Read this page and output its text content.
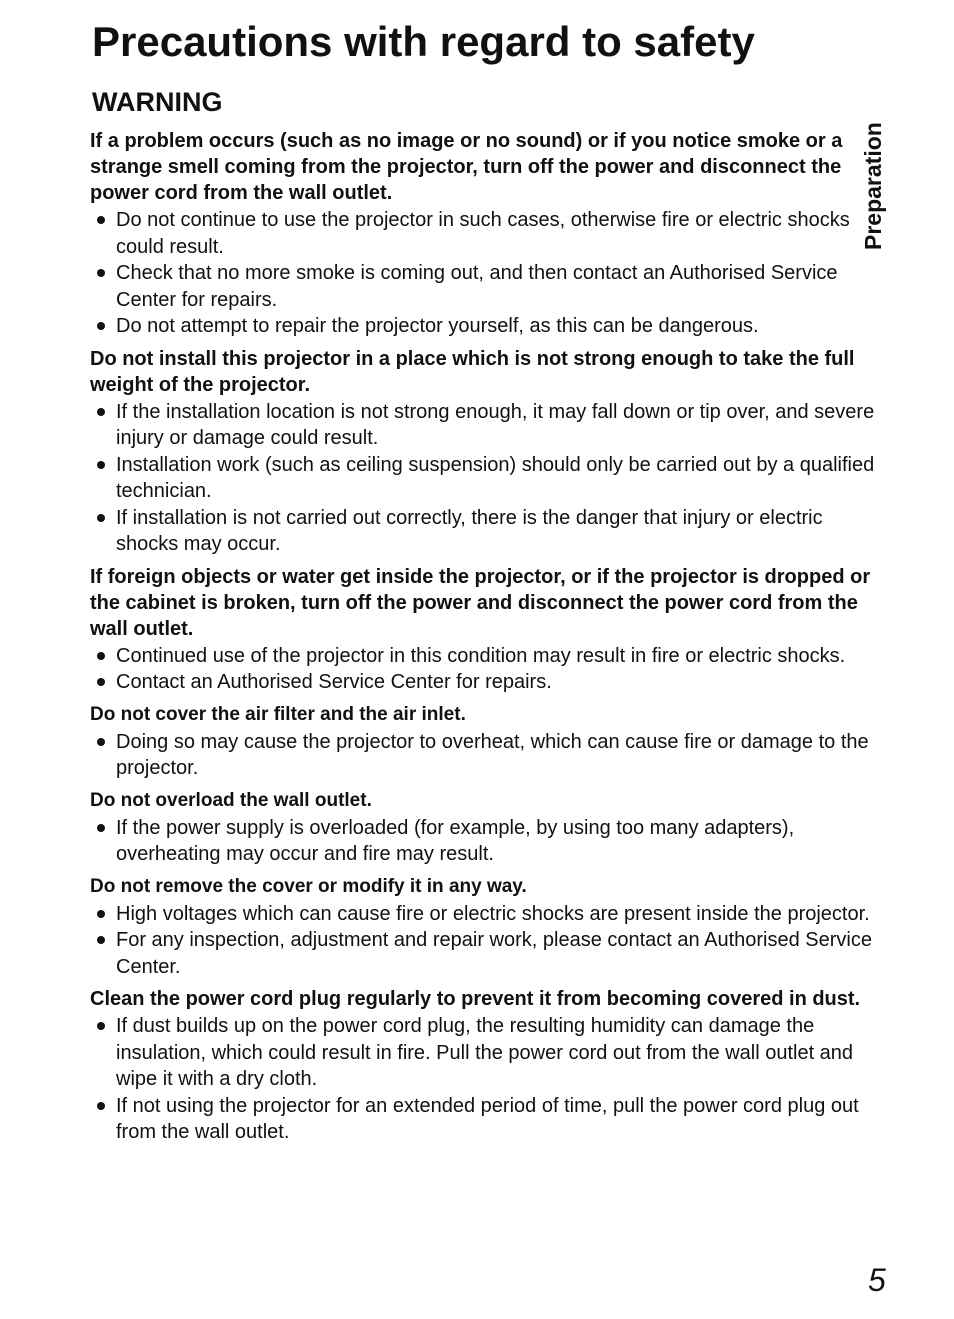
Precautions with regard to safety
WARNING
Preparation

If a problem occurs (such as no image or no sound) or if you notice smoke or a strange smell coming from the projector, turn off the power and disconnect the power cord from the wall outlet.

Do not continue to use the projector in such cases, otherwise fire or electric shocks could result.
Check that no more smoke is coming out, and then contact an Authorised Service Center for repairs.
Do not attempt to repair the projector yourself, as this can be dangerous.

Do not install this projector in a place which is not strong enough to take the full weight of the projector.

If the installation location is not strong enough, it may fall down or tip over, and severe injury or damage could result.
Installation work (such as ceiling suspension) should only be carried out by a qualified technician.
If installation is not carried out correctly, there is the danger that injury or electric shocks may occur.

If foreign objects or water get inside the projector, or if the projector is dropped or the cabinet is broken, turn off the power and disconnect the power cord from the wall outlet.

Continued use of the projector in this condition may result in fire or electric shocks.
Contact an Authorised Service Center for repairs.

Do not cover the air filter and the air inlet.

Doing so may cause the projector to overheat, which can cause fire or damage to the projector.

Do not overload the wall outlet.

If the power supply is overloaded (for example, by using too many adapters), overheating may occur and fire may result.

Do not remove the cover or modify it in any way.

High voltages which can cause fire or electric shocks are present inside the projector.
For any inspection, adjustment and repair work, please contact an Authorised Service Center.

Clean the power cord plug regularly to prevent it from becoming covered in dust.

If dust builds up on the power cord plug, the resulting humidity can damage the insulation, which could result in fire. Pull the power cord out from the wall outlet and wipe it with a dry cloth.
If not using the projector for an extended period of time, pull the power cord plug out from the wall outlet.
5
